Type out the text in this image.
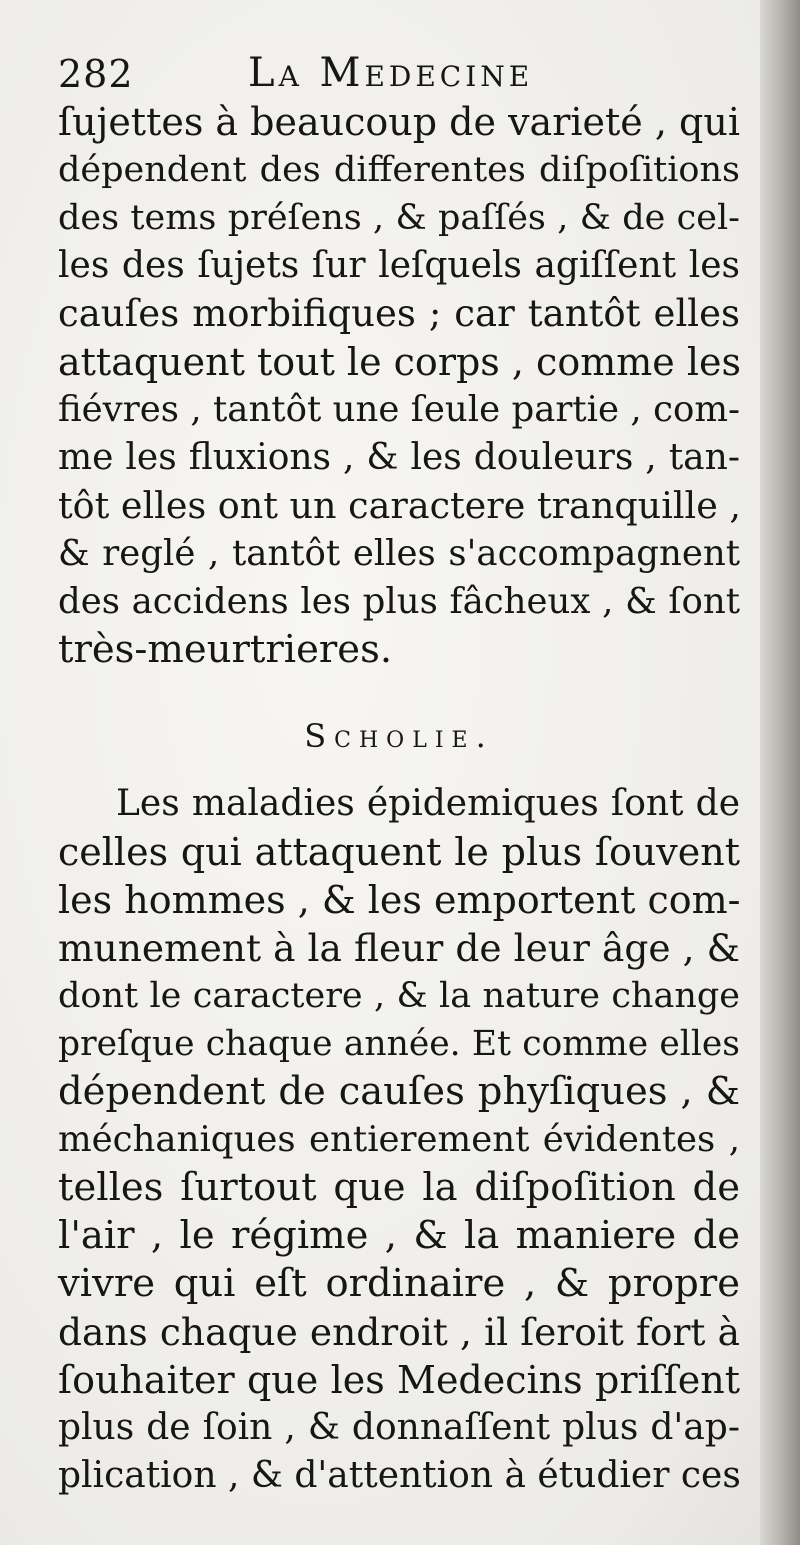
282	La Medecine
ſujettes à beaucoup de varieté , qui
dépendent des differentes diſpoſitions
des tems préſens , & paſſés , & de cel-
les des ſujets ſur leſquels agiſſent les
cauſes morbifiques ; car tantôt elles
attaquent tout le corps , comme les
fiévres , tantôt une ſeule partie , com-
me les fluxions , & les douleurs , tan-
tôt elles ont un caractere tranquille ,
& reglé , tantôt elles s'accompagnent
des accidens les plus fâcheux , & ſont
très-meurtrieres.
Scholie.
Les maladies épidemiques ſont de
celles qui attaquent le plus ſouvent
les hommes , & les emportent com-
munement à la fleur de leur âge , &
dont le caractere , & la nature change
preſque chaque année. Et comme elles
dépendent de cauſes phyſiques , &
méchaniques entierement évidentes ,
telles ſurtout que la diſpoſition de
l'air , le régime , & la maniere de
vivre qui eſt ordinaire , & propre
dans chaque endroit , il ſeroit fort à
ſouhaiter que les Medecins priſſent
plus de ſoin , & donnaſſent plus d'ap-
plication , & d'attention à étudier ces
